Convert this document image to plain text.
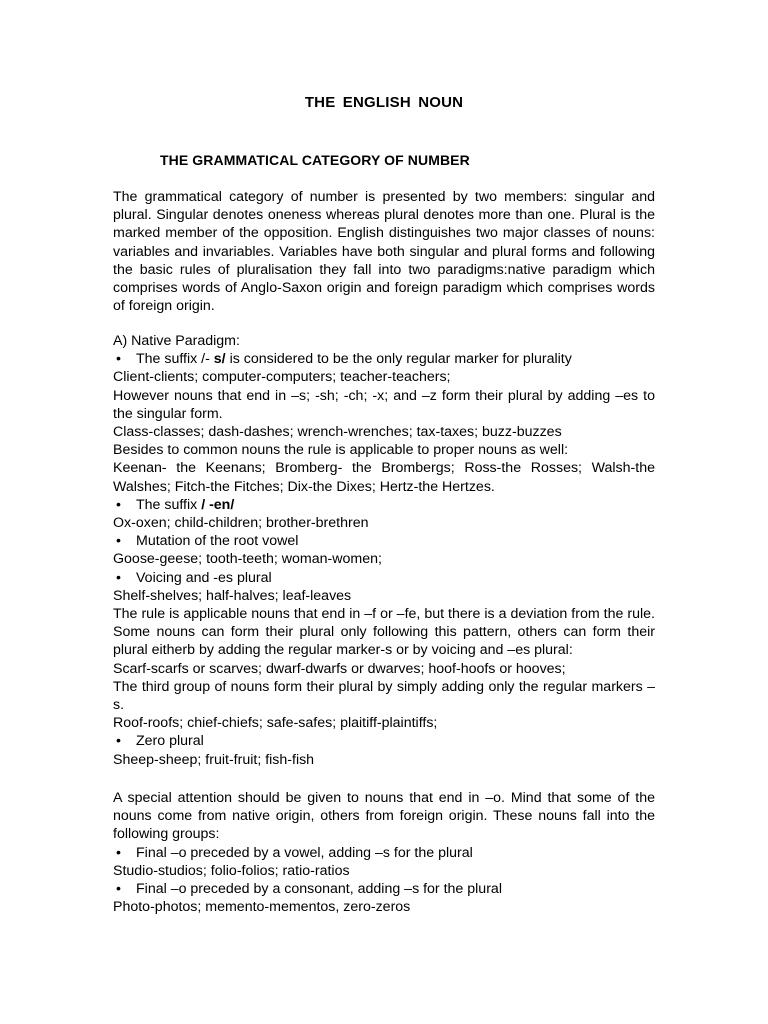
THE ENGLISH NOUN
THE GRAMMATICAL CATEGORY OF NUMBER
The grammatical category of number is presented by two members: singular and plural. Singular denotes oneness whereas plural denotes more than one. Plural is the marked member of the opposition. English distinguishes two major classes of nouns: variables and invariables. Variables have both singular and plural forms and following the basic rules of pluralisation they fall into two paradigms:native paradigm which comprises words of Anglo-Saxon origin and foreign paradigm which comprises words of foreign origin.
A) Native Paradigm:
• The suffix /- s/ is considered to be the only regular marker for plurality
Client-clients; computer-computers; teacher-teachers;
However nouns that end in –s; -sh; -ch; -x; and –z form their plural by adding –es to the singular form.
Class-classes; dash-dashes; wrench-wrenches; tax-taxes; buzz-buzzes
Besides to common nouns the rule is applicable to proper nouns as well:
Keenan- the Keenans; Bromberg- the Brombergs; Ross-the Rosses; Walsh-the Walshes; Fitch-the Fitches; Dix-the Dixes; Hertz-the Hertzes.
• The suffix / -en/
Ox-oxen; child-children; brother-brethren
• Mutation of the root vowel
Goose-geese; tooth-teeth; woman-women;
• Voicing and -es plural
Shelf-shelves; half-halves; leaf-leaves
The rule is applicable nouns that end in –f or –fe, but there is a deviation from the rule. Some nouns can form their plural only following this pattern, others can form their plural eitherb by adding the regular marker-s or by voicing and –es plural:
Scarf-scarfs or scarves; dwarf-dwarfs or dwarves; hoof-hoofs or hooves;
The third group of nouns form their plural by simply adding only the regular markers –s.
Roof-roofs; chief-chiefs; safe-safes; plaitiff-plaintiffs;
• Zero plural
Sheep-sheep; fruit-fruit; fish-fish
A special attention should be given to nouns that end in –o. Mind that some of the nouns come from native origin, others from foreign origin. These nouns fall into the following groups:
• Final –o preceded by a vowel, adding –s for the plural
Studio-studios; folio-folios; ratio-ratios
• Final –o preceded by a consonant, adding –s for the plural
Photo-photos; memento-mementos, zero-zeros
